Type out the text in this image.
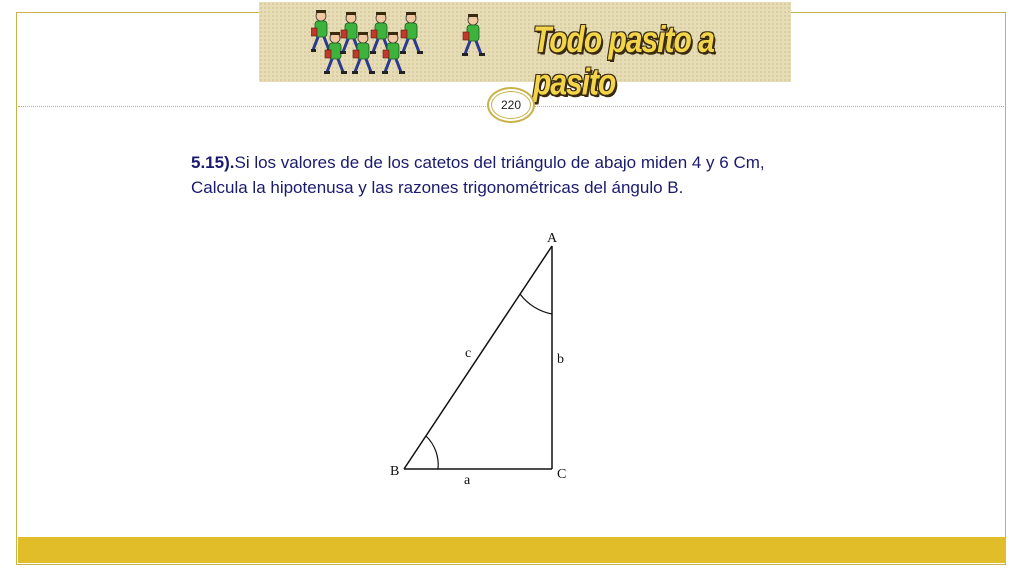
Todo pasito a pasito
220
5.15).Si los valores de de los catetos del triángulo de abajo miden 4 y 6 Cm,
Calcula la hipotenusa y las razones trigonométricas del ángulo B.
A
B	C
a
b
c
